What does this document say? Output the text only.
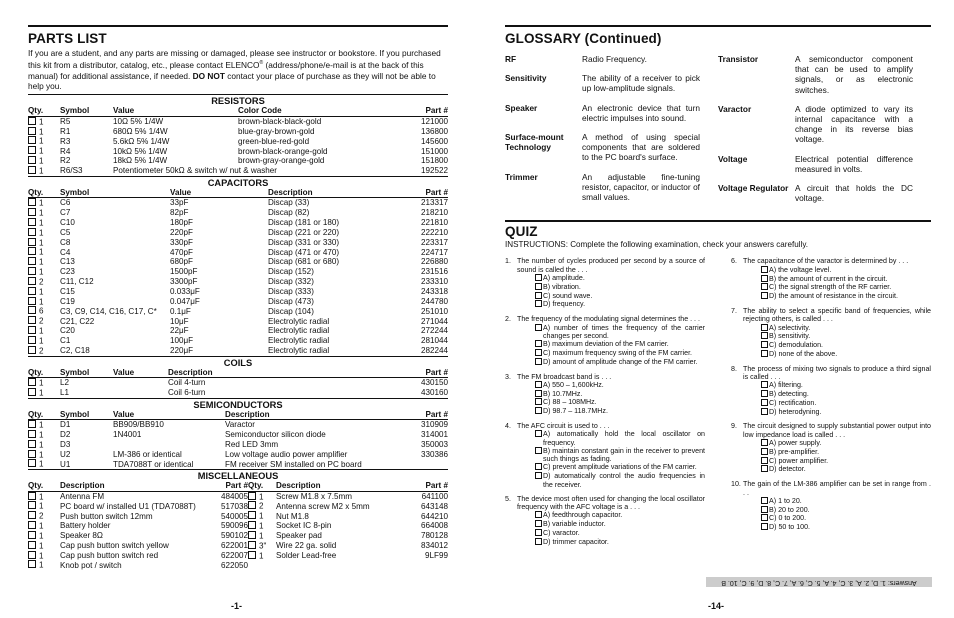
PARTS LIST

If you are a student, and any parts are missing or damaged, please see instructor or bookstore. If you purchased this kit from a distributor, catalog, etc., please contact ELENCO® (address/phone/e-mail is at the back of this manual) for additional assistance, if needed. DO NOT contact your place of purchase as they will not be able to help you.

RESISTORS
Qty.	Symbol	Value	Color Code	Part #
1	R5	10Ω 5% 1/4W	brown-black-black-gold	121000
1	R1	680Ω 5% 1/4W	blue-gray-brown-gold	136800
1	R3	5.6kΩ 5% 1/4W	green-blue-red-gold	145600
1	R4	10kΩ 5% 1/4W	brown-black-orange-gold	151000
1	R2	18kΩ 5% 1/4W	brown-gray-orange-gold	151800
1	R6/S3	Potentiometer 50kΩ & switch w/ nut & washer		192522
CAPACITORS
Qty.	Symbol	Value	Description	Part #
1	C6	33pF	Discap (33)	213317
1	C7	82pF	Discap (82)	218210
1	C10	180pF	Discap (181 or 180)	221810
1	C5	220pF	Discap (221 or 220)	222210
1	C8	330pF	Discap (331 or 330)	223317
1	C4	470pF	Discap (471 or 470)	224717
1	C13	680pF	Discap (681 or 680)	226880
1	C23	1500pF	Discap (152)	231516
2	C11, C12	3300pF	Discap (332)	233310
1	C15	0.033μF	Discap (333)	243318
1	C19	0.047μF	Discap (473)	244780
6	C3, C9, C14, C16, C17, C*	0.1μF	Discap (104)	251010
2	C21, C22	10μF	Electrolytic radial	271044
1	C20	22μF	Electrolytic radial	272244
1	C1	100μF	Electrolytic radial	281044
2	C2, C18	220μF	Electrolytic radial	282244
COILS
Qty.	Symbol	Value	Description	Part #
1	L2		Coil 4-turn	430150
1	L1		Coil 6-turn	430160
SEMICONDUCTORS
Qty.	Symbol	Value	Description	Part #
1	D1	BB909/BB910	Varactor	310909
1	D2	1N4001	Semiconductor silicon diode	314001
1	D3		Red LED 3mm	350003
1	U2	LM-386 or identical	Low voltage audio power amplifier	330386
1	U1	TDA7088T or identical	FM receiver SM installed on PC board	
MISCELLANEOUS
Qty.	Description	Part #	Qty.	Description	Part #
1	Antenna FM	484005	1	Screw M1.8 x 7.5mm	641100
1	PC board w/ installed U1 (TDA7088T)	517038	2	Antenna screw M2 x 5mm	643148
2	Push button switch 12mm	540005	1	Nut M1.8	644210
1	Battery holder	590096	1	Socket IC 8-pin	664008
1	Speaker 8Ω	590102	1	Speaker pad	780128
1	Cap push button switch yellow	622001	3"	Wire 22 ga. solid	834012
1	Cap push button switch red	622007	1	Solder Lead-free	9LF99
1	Knob pot / switch	622050			
-1-
GLOSSARY (Continued)
RF	Radio Frequency.
Sensitivity	The ability of a receiver to pick up low-amplitude signals.
Speaker	An electronic device that turn electric impulses into sound.
Surface-mount Technology
A method of using special components that are soldered to the PC board's surface.
Trimmer	An adjustable fine-tuning resistor, capacitor, or inductor of small values.
Transistor	A semiconductor component that can be used to amplify signals, or as electronic switches.
Varactor	A diode optimized to vary its internal capacitance with a change in its reverse bias voltage.
Voltage	Electrical potential difference measured in volts.
Voltage Regulator A circuit that holds the DC voltage.
QUIZ
INSTRUCTIONS: Complete the following examination, check your answers carefully.
1. The number of cycles produced per second by a source of sound is called the . . .
A) amplitude.
B) vibration.
C) sound wave.
D) frequency.
2. The frequency of the modulating signal determines the . . .
A) number of times the frequency of the carrier changes per second.
B) maximum deviation of the FM carrier.
C) maximum frequency swing of the FM carrier.
D) amount of amplitude change of the FM carrier.
3. The FM broadcast band is . . .
A) 550 – 1,600kHz.
B) 10.7MHz.
C) 88 – 108MHz.
D) 98.7 – 118.7MHz.
4. The AFC circuit is used to . . .
A) automatically hold the local oscillator on frequency.
B) maintain constant gain in the receiver to prevent such things as fading.
C) prevent amplitude variations of the FM carrier.
D) automatically control the audio frequencies in the receiver.
5. The device most often used for changing the local oscillator frequency with the AFC voltage is a . . .
A) feedthrough capacitor.
B) variable inductor.
C) varactor.
D) trimmer capacitor.
6. The capacitance of the varactor is determined by . . .
A) the voltage level.
B) the amount of current in the circuit.
C) the signal strength of the RF carrier.
D) the amount of resistance in the circuit.
7. The ability to select a specific band of frequencies, while rejecting others, is called . . .
A) selectivity.
B) sensitivity.
C) demodulation.
D) none of the above.
8. The process of mixing two signals to produce a third signal is called . . .
A) filtering.
B) detecting.
C) rectification.
D) heterodyning.
9. The circuit designed to supply substantial power output into low impedance load is called . . .
A) power supply.
B) pre-amplifier.
C) power amplifier.
D) detector.
10. The gain of the LM-386 amplifier can be set in range from . . .
A) 1 to 20.
B) 20 to 200.
C) 0 to 200.
D) 50 to 100.
Answers: 1. D, 2. A, 3. C, 4. A, 5. C, 6. A, 7. C, 8. D, 9. C, 10. B
-14-
